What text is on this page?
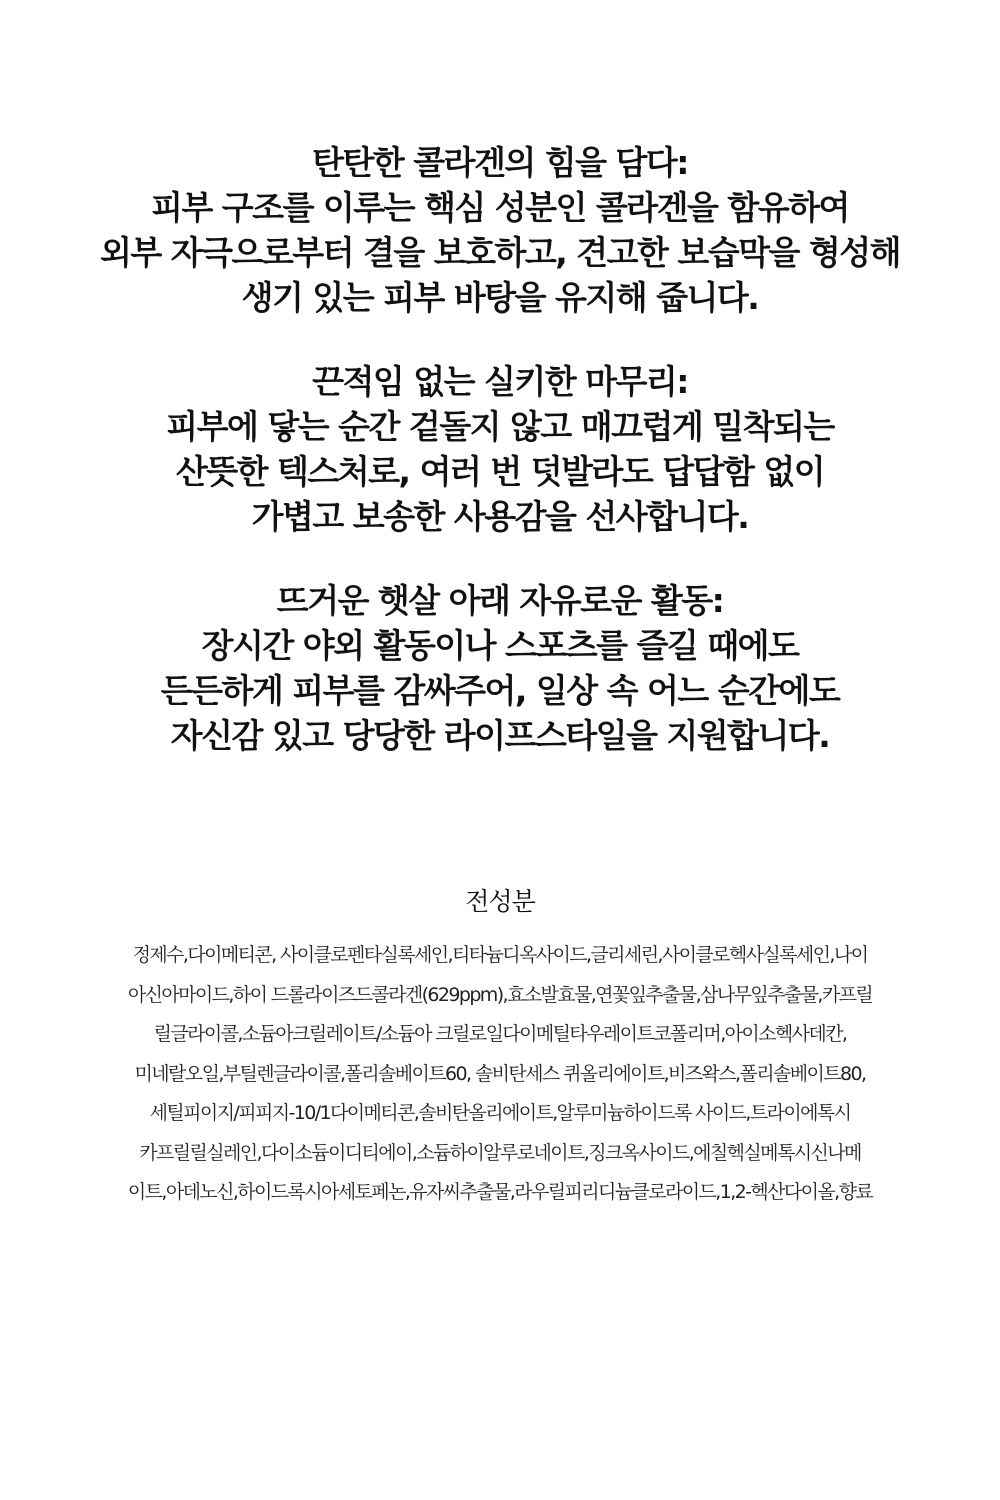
탄탄한 콜라겐의 힘을 담다:
피부 구조를 이루는 핵심 성분인 콜라겐을 함유하여
외부 자극으로부터 결을 보호하고, 견고한 보습막을 형성해
생기 있는 피부 바탕을 유지해 줍니다.
끈적임 없는 실키한 마무리:
피부에 닿는 순간 겉돌지 않고 매끄럽게 밀착되는
산뜻한 텍스처로, 여러 번 덧발라도 답답함 없이
가볍고 보송한 사용감을 선사합니다.
뜨거운 햇살 아래 자유로운 활동:
장시간 야외 활동이나 스포츠를 즐길 때에도
든든하게 피부를 감싸주어, 일상 속 어느 순간에도
자신감 있고 당당한 라이프스타일을 지원합니다.
전성분
정제수,다이메티콘, 사이클로펜타실록세인,티타늄디옥사이드,글리세린,사이클로헥사실록세인,나이
아신아마이드,하이 드롤라이즈드콜라겐(629ppm),효소발효물,연꽃잎추출물,삼나무잎추출물,카프릴
릴글라이콜,소듐아크릴레이트/소듐아 크릴로일다이메틸타우레이트코폴리머,아이소헥사데칸,
미네랄오일,부틸렌글라이콜,폴리솔베이트60, 솔비탄세스 퀴올리에이트,비즈왁스,폴리솔베이트80,
세틸피이지/피피지-10/1다이메티콘,솔비탄올리에이트,알루미늄하이드록 사이드,트라이에톡시
카프릴릴실레인,다이소듐이디티에이,소듐하이알루로네이트,징크옥사이드,에칠헥실메톡시신나메
이트,아데노신,하이드록시아세토페논,유자씨추출물,라우릴피리디늄클로라이드,1,2-헥산다이올,향료
